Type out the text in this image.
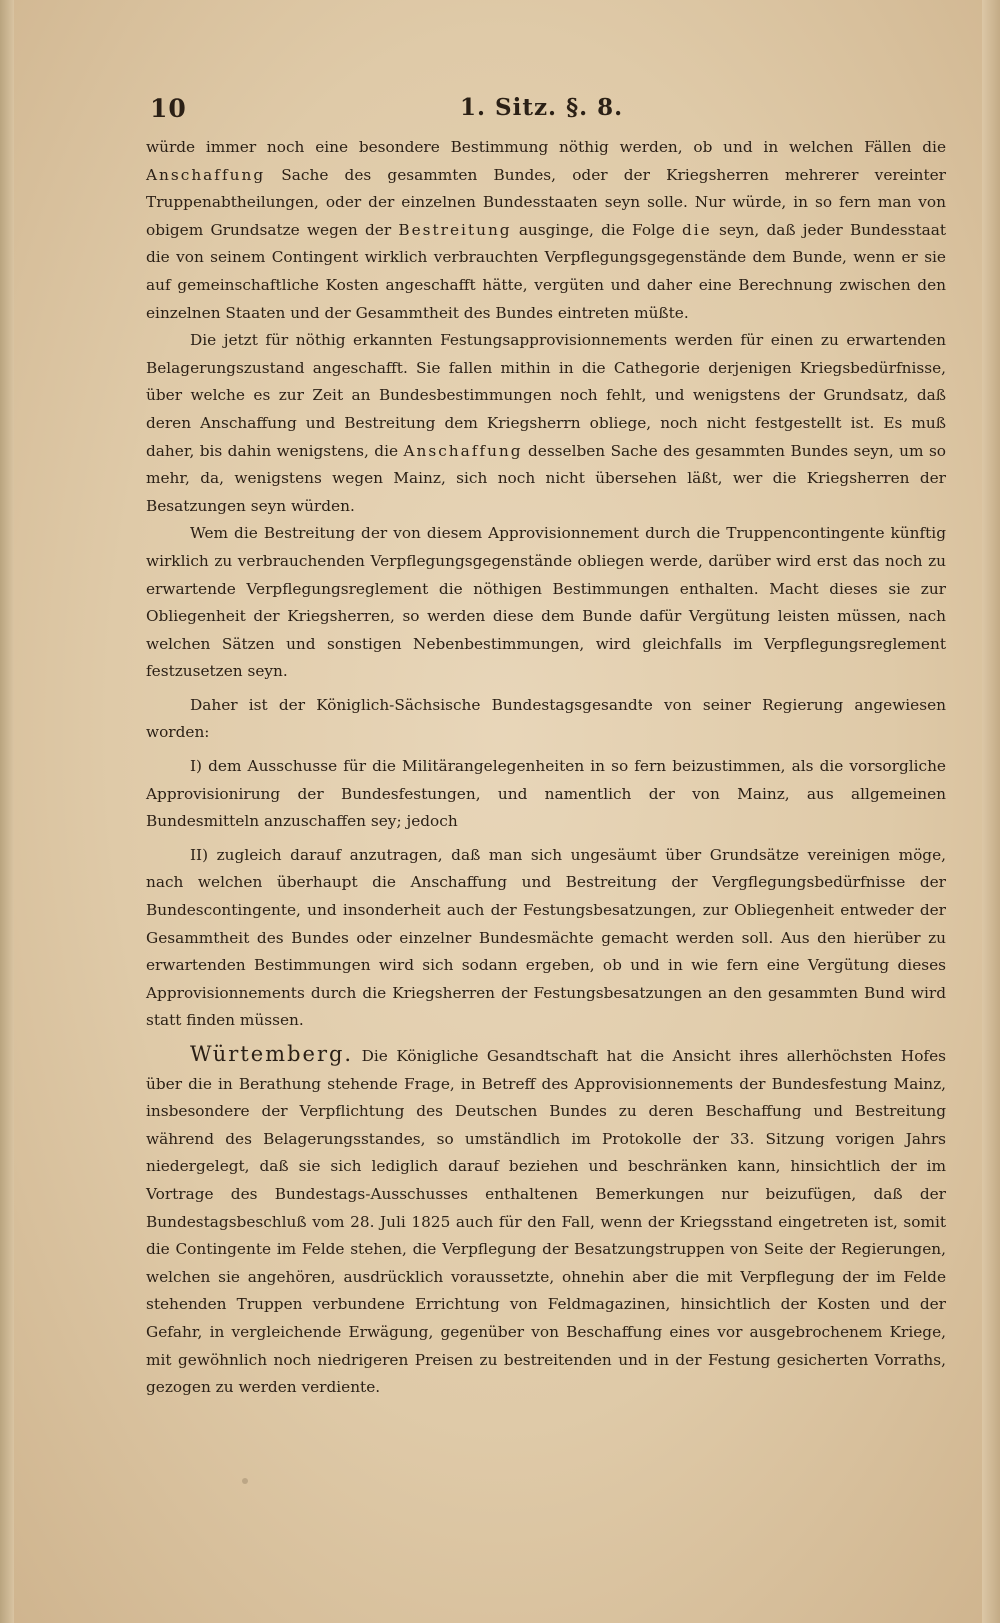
10	1. Sitz. §. 8.

würde immer noch eine besondere Bestimmung nöthig werden, ob und in welchen Fällen die Anschaffung Sache des gesammten Bundes, oder der Kriegsherren mehrerer vereinter Truppenabtheilungen, oder der einzelnen Bundesstaaten seyn solle. Nur würde, in so fern man von obigem Grundsatze wegen der Bestreitung ausginge, die Folge die seyn, daß jeder Bundesstaat die von seinem Contingent wirklich verbrauchten Verpflegungsgegenstände dem Bunde, wenn er sie auf gemeinschaftliche Kosten angeschafft hätte, vergüten und daher eine Berechnung zwischen den einzelnen Staaten und der Gesammtheit des Bundes eintreten müßte.

Die jetzt für nöthig erkannten Festungsapprovisionnements werden für einen zu erwartenden Belagerungszustand angeschafft. Sie fallen mithin in die Cathegorie derjenigen Kriegsbedürfnisse, über welche es zur Zeit an Bundesbestimmungen noch fehlt, und wenigstens der Grundsatz, daß deren Anschaffung und Bestreitung dem Kriegsherrn obliege, noch nicht festgestellt ist. Es muß daher, bis dahin wenigstens, die Anschaffung desselben Sache des gesammten Bundes seyn, um so mehr, da, wenigstens wegen Mainz, sich noch nicht übersehen läßt, wer die Kriegsherren der Besatzungen seyn würden.

Wem die Bestreitung der von diesem Approvisionnement durch die Truppencontingente künftig wirklich zu verbrauchenden Verpflegungsgegenstände obliegen werde, darüber wird erst das noch zu erwartende Verpflegungsreglement die nöthigen Bestimmungen enthalten. Macht dieses sie zur Obliegenheit der Kriegsherren, so werden diese dem Bunde dafür Vergütung leisten müssen, nach welchen Sätzen und sonstigen Nebenbestimmungen, wird gleichfalls im Verpflegungsreglement festzusetzen seyn.

Daher ist der Königlich-Sächsische Bundestagsgesandte von seiner Regierung angewiesen worden:

I) dem Ausschusse für die Militärangelegenheiten in so fern beizustimmen, als die vorsorgliche Approvisionirung der Bundesfestungen, und namentlich der von Mainz, aus allgemeinen Bundesmitteln anzuschaffen sey; jedoch

II) zugleich darauf anzutragen, daß man sich ungesäumt über Grundsätze vereinigen möge, nach welchen überhaupt die Anschaffung und Bestreitung der Vergflegungsbedürfnisse der Bundescontingente, und insonderheit auch der Festungsbesatzungen, zur Obliegenheit entweder der Gesammtheit des Bundes oder einzelner Bundesmächte gemacht werden soll. Aus den hierüber zu erwartenden Bestimmungen wird sich sodann ergeben, ob und in wie fern eine Vergütung dieses Approvisionnements durch die Kriegsherren der Festungsbesatzungen an den gesammten Bund wird statt finden müssen.

Würtemberg. Die Königliche Gesandtschaft hat die Ansicht ihres allerhöchsten Hofes über die in Berathung stehende Frage, in Betreff des Approvisionnements der Bundesfestung Mainz, insbesondere der Verpflichtung des Deutschen Bundes zu deren Beschaffung und Bestreitung während des Belagerungsstandes, so umständlich im Protokolle der 33. Sitzung vorigen Jahrs niedergelegt, daß sie sich lediglich darauf beziehen und beschränken kann, hinsichtlich der im Vortrage des Bundestags-Ausschusses enthaltenen Bemerkungen nur beizufügen, daß der Bundestagsbeschluß vom 28. Juli 1825 auch für den Fall, wenn der Kriegsstand eingetreten ist, somit die Contingente im Felde stehen, die Verpflegung der Besatzungstruppen von Seite der Regierungen, welchen sie angehören, ausdrücklich voraussetzte, ohnehin aber die mit Verpflegung der im Felde stehenden Truppen verbundene Errichtung von Feldmagazinen, hinsichtlich der Kosten und der Gefahr, in vergleichende Erwägung, gegenüber von Beschaffung eines vor ausgebrochenem Kriege, mit gewöhnlich noch niedrigeren Preisen zu bestreitenden und in der Festung gesicherten Vorraths, gezogen zu werden verdiente.
